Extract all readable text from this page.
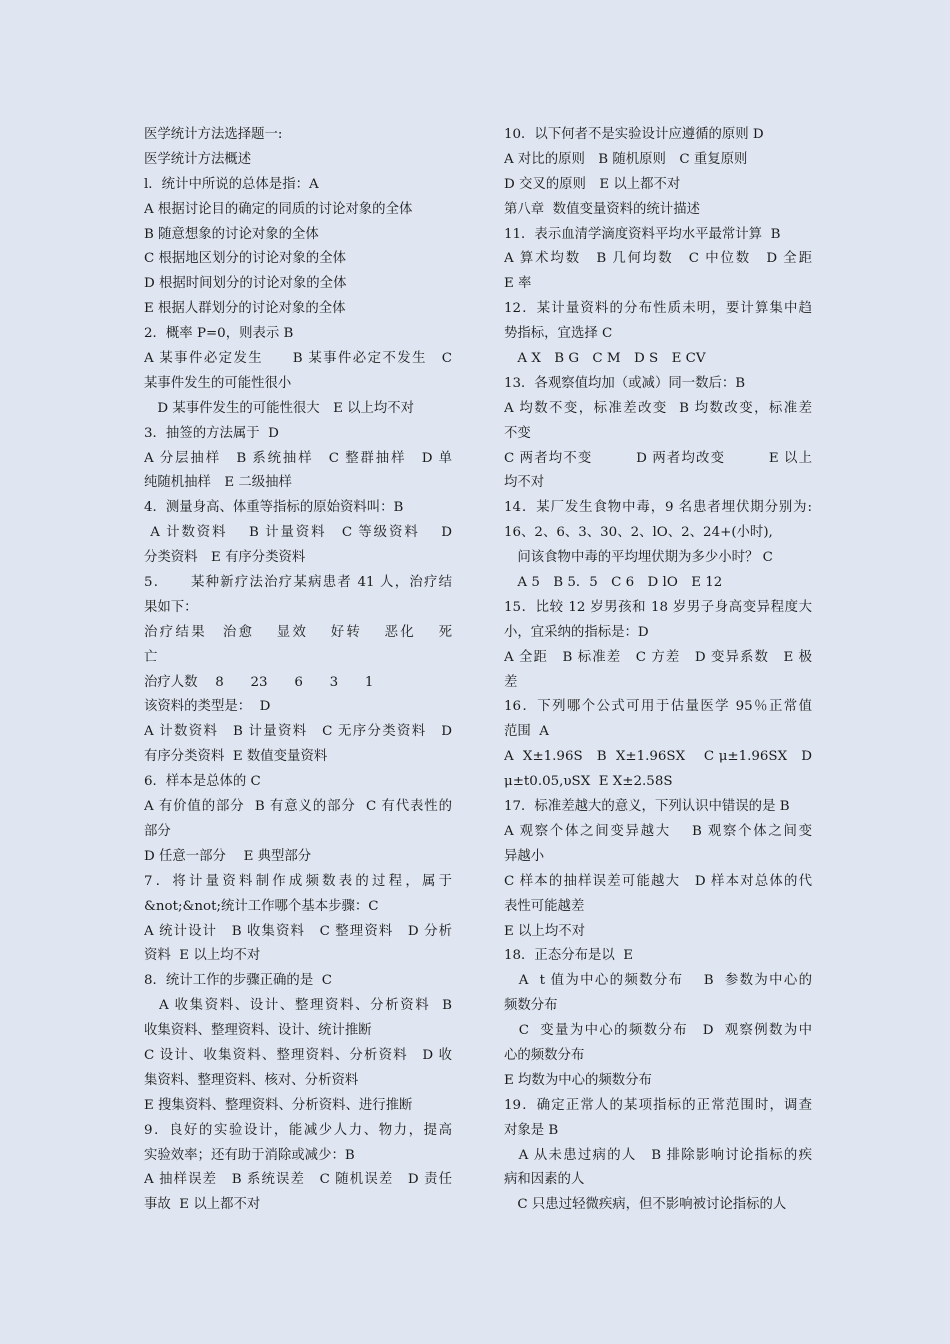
医学统计方法选择题一:
医学统计方法概述
l．统计中所说的总体是指：A
A 根据讨论目的确定的同质的讨论对象的全体
B 随意想象的讨论对象的全体
C 根据地区划分的讨论对象的全体
D 根据时间划分的讨论对象的全体
E 根据人群划分的讨论对象的全体
2．概率 P=0，则表示 B
A 某事件必定发生　　B 某事件必定不发生　C
某事件发生的可能性很小
　D 某事件发生的可能性很大　E 以上均不对
3．抽签的方法属于  D
A 分层抽样　B 系统抽样　C 整群抽样　D 单
纯随机抽样　E 二级抽样
4．测量身高、体重等指标的原始资料叫：B
A 计数资料　 B 计量资料　C 等级资料　 D
分类资料　E 有序分类资料
5．　　某种新疗法治疗某病患者 41 人，治疗结
果如下：
治疗结果　治愈　 显效　 好转　 恶化　 死
亡
治疗人数　 8　　23　　6　　3　　1
该资料的类型是：  D
A 计数资料　B 计量资料　C 无序分类资料　D
有序分类资料  E 数值变量资料
6．样本是总体的 C
A 有价值的部分  B 有意义的部分  C 有代表性的
部分
D 任意一部分　 E 典型部分
7．将计量资料制作成频数表的过程，属于
&not;&not;统计工作哪个基本步骤：C
A 统计设计　B 收集资料　C 整理资料　D 分析
资料  E 以上均不对
8．统计工作的步骤正确的是  C
　A 收集资料、设计、整理资料、分析资料  B
收集资料、整理资料、设计、统计推断
C 设计、收集资料、整理资料、分析资料　D 收
集资料、整理资料、核对、分析资料
E 搜集资料、整理资料、分析资料、进行推断
9．良好的实验设计，能减少人力、物力，提高
实验效率；还有助于消除或减少：B
A 抽样误差　B 系统误差　C 随机误差　D 责任
事故  E 以上都不对
10．以下何者不是实验设计应遵循的原则 D
A 对比的原则　B 随机原则　C 重复原则
D 交叉的原则　E 以上都不对
第八章  数值变量资料的统计描述
11．表示血清学滴度资料平均水平最常计算  B
A 算术均数　B 几何均数　C 中位数　D 全距
E 率
12．某计量资料的分布性质未明，要计算集中趋
势指标，宜选择 C
　A X　B G　C M　D S　E CV
13．各观察值均加（或减）同一数后：B
A 均数不变，标准差改变  B 均数改变，标准差
不变
C 两者均不变　　　D 两者均改变　　　E 以上
均不对
14．某厂发生食物中毒，9 名患者埋伏期分别为:
16、2、6、3、30、2、lO、2、24+(小时),
　问该食物中毒的平均埋伏期为多少小时？ C
　A 5　B 5．5　C 6　D lO　E 12
15．比较 12 岁男孩和 18 岁男子身高变异程度大
小，宜采纳的指标是：D
A 全距　B 标准差　C 方差　D 变异系数　E 极
差
16．下列哪个公式可用于估量医学 95％正常值
范围  A
A  X±1.96S　B  X±1.96SX　 C μ±1.96SX　D
μ±t0.05,υSX  E X±2.58S
17．标准差越大的意义，下列认识中错误的是 B
A 观察个体之间变异越大　 B 观察个体之间变
异越小
C 样本的抽样误差可能越大　D 样本对总体的代
表性可能越差
E 以上均不对
18．正态分布是以  E
　A  t 值为中心的频数分布　 B  参数为中心的
频数分布
　C  变量为中心的频数分布　D  观察例数为中
心的频数分布
E 均数为中心的频数分布
19．确定正常人的某项指标的正常范围时，调查
对象是 B
　A 从未患过病的人　B 排除影响讨论指标的疾
病和因素的人
　C 只患过轻微疾病，但不影响被讨论指标的人
